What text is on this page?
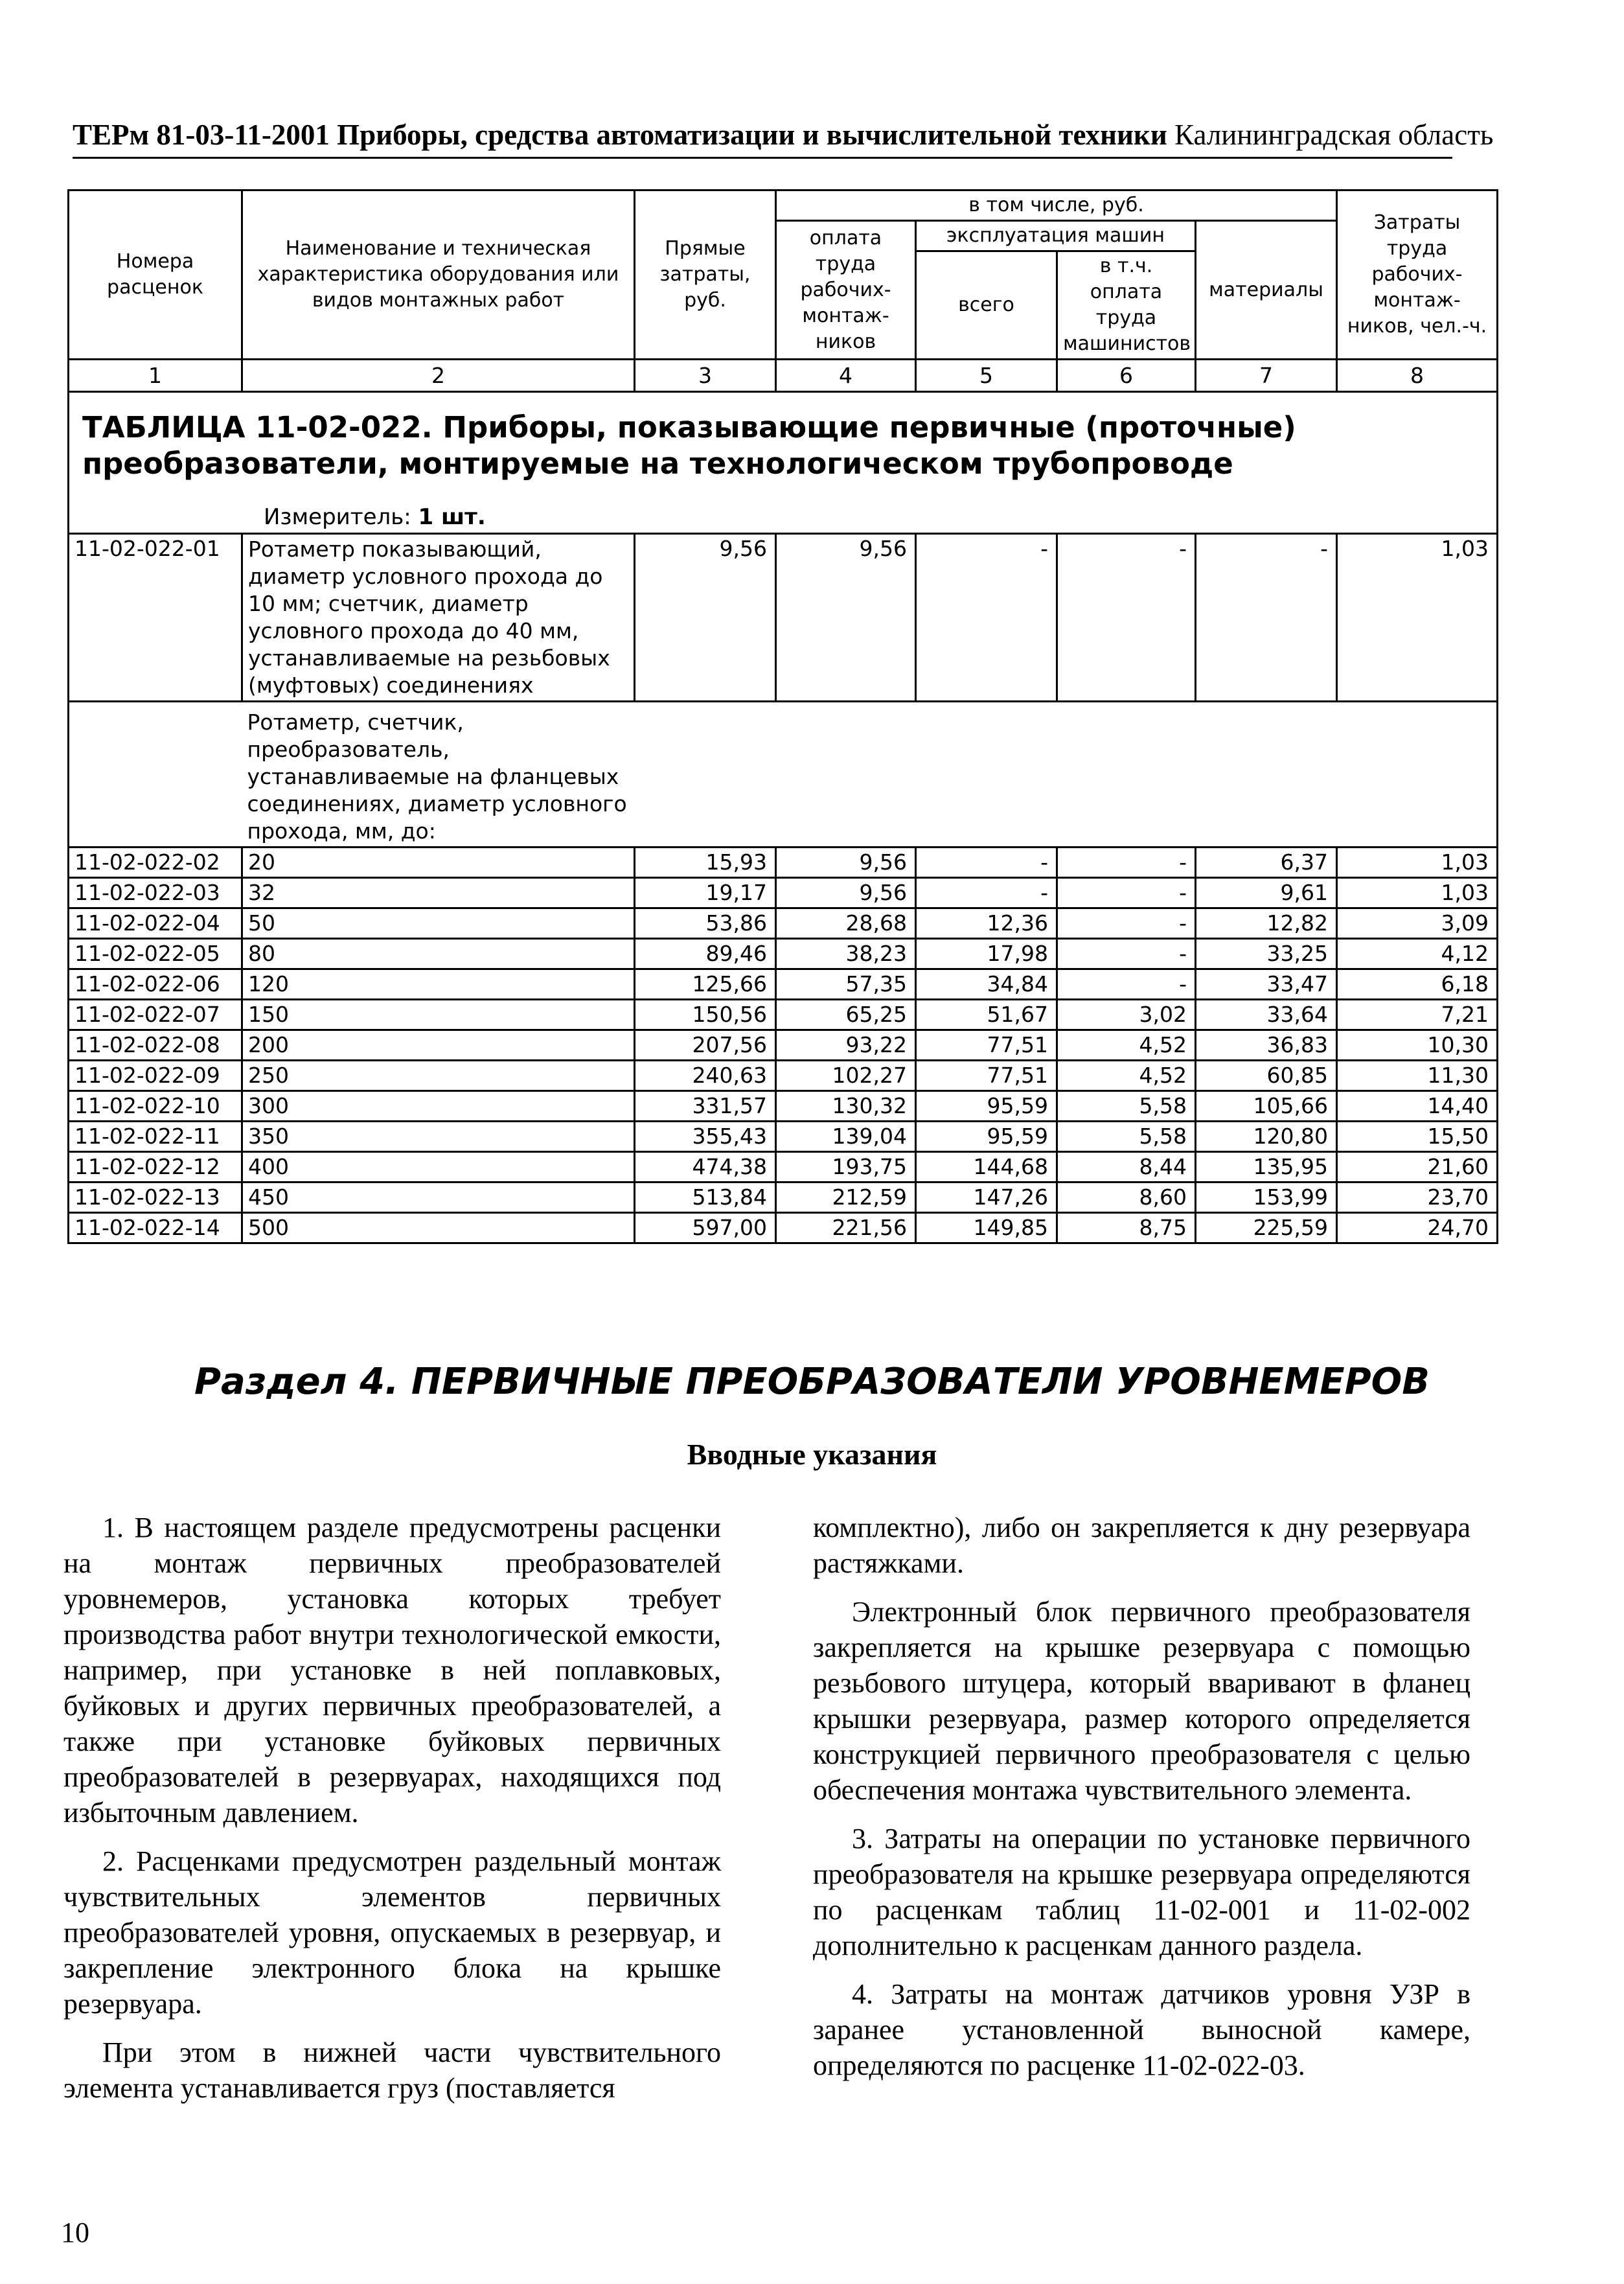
ТЕРм 81-03-11-2001 Приборы, средства автоматизации и вычислительной техники Калининградская область
Номера расценок	Наименование и техническая характеристика оборудования или видов монтажных работ	Прямые затраты, руб.	в том числе, руб.				Затраты труда рабочих-монтаж-ников, чел.-ч.
			оплата труда рабочих-монтаж-ников	эксплуатация машин		материалы	
				всего	в т.ч. оплата труда машинистов		
1	2	3	4	5	6	7	8

ТАБЛИЦА 11-02-022. Приборы, показывающие первичные (проточные) преобразователи, монтируемые на технологическом трубопроводе
Измеритель: 1 шт.							

11-02-022-01	Ротаметр показывающий, диаметр условного прохода до 10 мм; счетчик, диаметр условного прохода до 40 мм, устанавливаемые на резьбовых (муфтовых) соединениях	9,56	9,56	-	-	-	1,03
	Ротаметр, счетчик, преобразователь, устанавливаемые на фланцевых соединениях, диаметр условного прохода, мм, до:						
11-02-022-02	20	15,93	9,56	-	-	6,37	1,03
11-02-022-03	32	19,17	9,56	-	-	9,61	1,03
11-02-022-04	50	53,86	28,68	12,36	-	12,82	3,09
11-02-022-05	80	89,46	38,23	17,98	-	33,25	4,12
11-02-022-06	120	125,66	57,35	34,84	-	33,47	6,18
11-02-022-07	150	150,56	65,25	51,67	3,02	33,64	7,21
11-02-022-08	200	207,56	93,22	77,51	4,52	36,83	10,30
11-02-022-09	250	240,63	102,27	77,51	4,52	60,85	11,30
11-02-022-10	300	331,57	130,32	95,59	5,58	105,66	14,40
11-02-022-11	350	355,43	139,04	95,59	5,58	120,80	15,50
11-02-022-12	400	474,38	193,75	144,68	8,44	135,95	21,60
11-02-022-13	450	513,84	212,59	147,26	8,60	153,99	23,70
11-02-022-14	500	597,00	221,56	149,85	8,75	225,59	24,70
Раздел 4. ПЕРВИЧНЫЕ ПРЕОБРАЗОВАТЕЛИ УРОВНЕМЕРОВ
Вводные указания

1. В настоящем разделе предусмотрены расценки на монтаж первичных преобразователей уровнемеров, установка которых требует производства работ внутри технологической емкости, например, при установке в ней поплавковых, буйковых и других первичных преобразователей, а также при установке буйковых первичных преобразователей в резервуарах, находящихся под избыточным давлением.

2. Расценками предусмотрен раздельный монтаж чувствительных элементов первичных преобразователей уровня, опускаемых в резервуар, и закрепление электронного блока на крышке резервуара.

При этом в нижней части чувствительного элемента устанавливается груз (поставляется

комплектно), либо он закрепляется к дну резервуара растяжками.

Электронный блок первичного преобразователя закрепляется на крышке резервуара с помощью резьбового штуцера, который вваривают в фланец крышки резервуара, размер которого определяется конструкцией первичного преобразователя с целью обеспечения монтажа чувствительного элемента.

3. Затраты на операции по установке первичного преобразователя на крышке резервуара определяются по расценкам таблиц 11-02-001 и 11-02-002 дополнительно к расценкам данного раздела.

4. Затраты на монтаж датчиков уровня УЗР в заранее установленной выносной камере, определяются по расценке 11-02-022-03.

10
